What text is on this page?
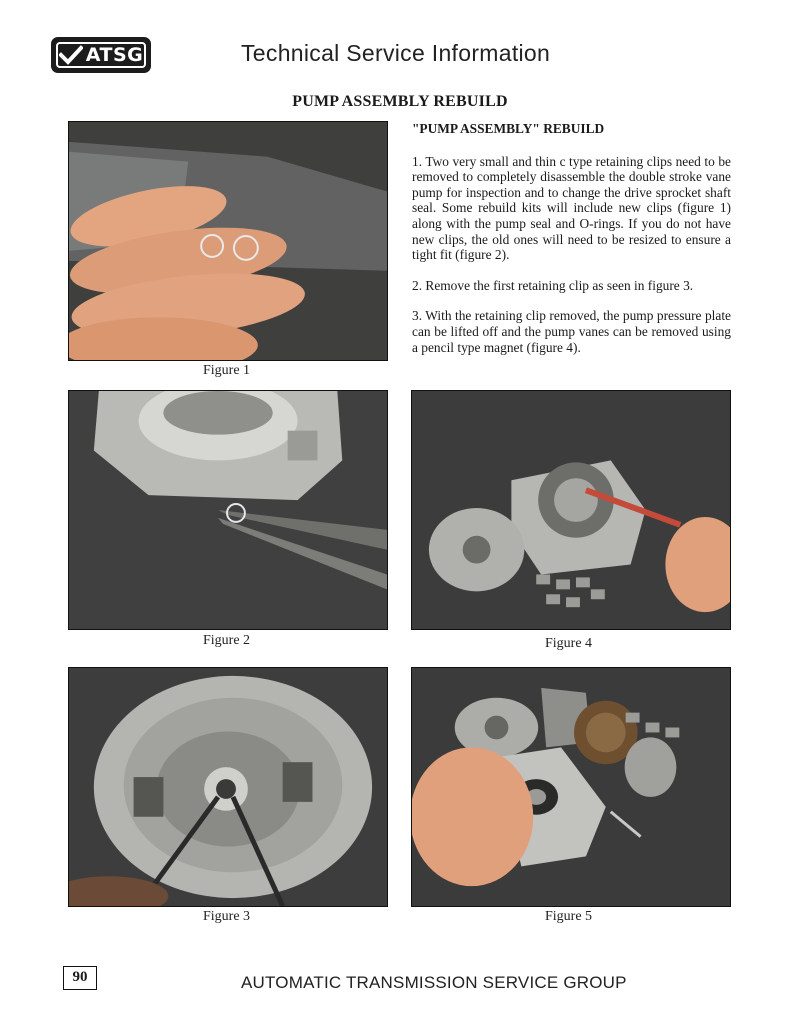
ATSG	Technical Service Information
PUMP ASSEMBLY REBUILD
Figure 1
"PUMP ASSEMBLY" REBUILD

1. Two very small and thin c type retaining clips need to be removed to completely disassemble the double stroke vane pump for inspection and to change the drive sprocket shaft seal. Some rebuild kits will include new clips (figure 1) along with the pump seal and O-rings. If you do not have new clips, the old ones will need to be resized to ensure a tight fit (figure 2).

2. Remove the first retaining clip as seen in figure 3.

3. With the retaining clip removed, the pump pressure plate can be lifted off and the pump vanes can be removed using a pencil type magnet (figure 4).

Figure 2	Figure 4
Figure 3	Figure 5
90	AUTOMATIC TRANSMISSION SERVICE GROUP
